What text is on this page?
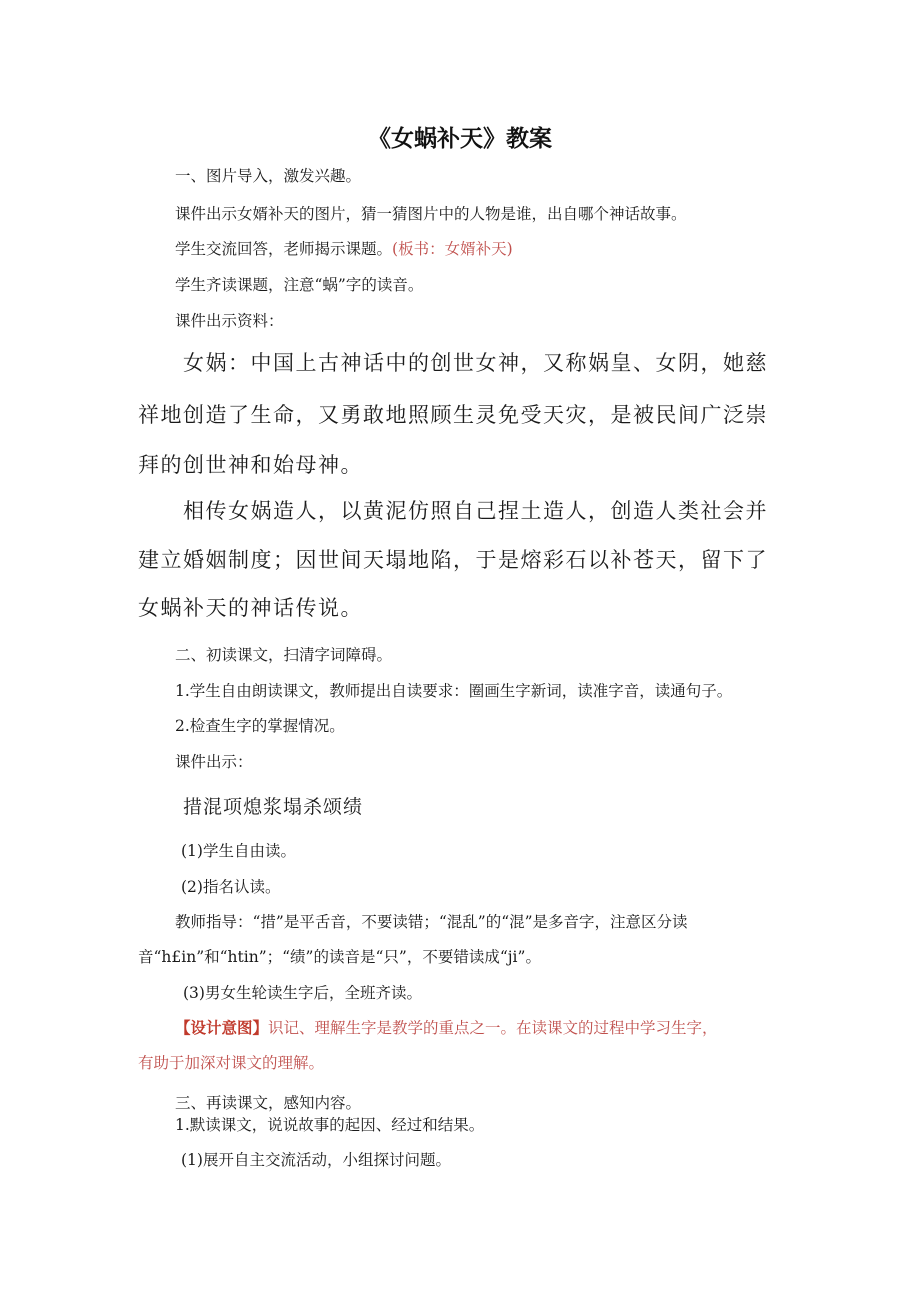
《女蜗补天》教案

一、图片导入，激发兴趣。

课件出示女婿补天的图片，猜一猜图片中的人物是谁，出自哪个神话故事。

学生交流回答，老师揭示课题。(板书：女婿补天)

学生齐读课题，注意“蜗”字的读音。

课件出示资料：

女娲：中国上古神话中的创世女神，又称娲皇、女阴，她慈

祥地创造了生命，又勇敢地照顾生灵免受天灾，是被民间广泛崇

拜的创世神和始母神。

相传女娲造人，以黄泥仿照自己捏土造人，创造人类社会并

建立婚姻制度；因世间天塌地陷，于是熔彩石以补苍天，留下了

女蜗补天的神话传说。

二、初读课文，扫清字词障碍。

1.学生自由朗读课文，教师提出自读要求：圈画生字新词，读准字音，读通句子。

2.检查生字的掌握情况。

课件出示：

措混项熄浆塌杀颂绩

(1)学生自由读。

(2)指名认读。

教师指导：“措”是平舌音，不要读错；“混乱”的“混”是多音字，注意区分读

音“h£in”和“htin”；“绩”的读音是“只”，不要错读成“ji”。

(3)男女生轮读生字后，全班齐读。

【设计意图】识记、理解生字是教学的重点之一。在读课文的过程中学习生字，

有助于加深对课文的理解。

三、再读课文，感知内容。

1.默读课文，说说故事的起因、经过和结果。

(1)展开自主交流活动，小组探讨问题。
